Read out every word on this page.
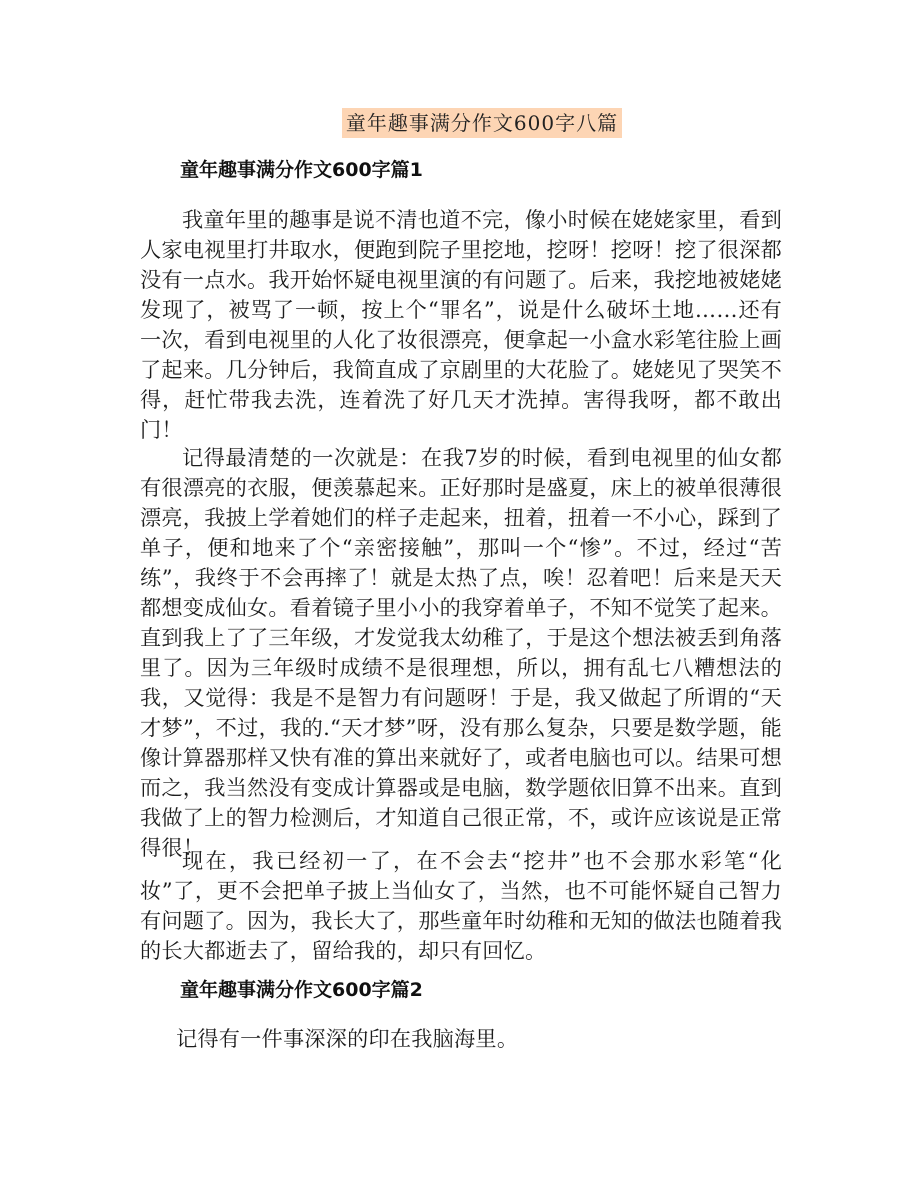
童年趣事满分作文600字八篇
童年趣事满分作文600字篇1

我童年里的趣事是说不清也道不完，像小时候在姥姥家里，看到人家电视里打井取水，便跑到院子里挖地，挖呀！挖呀！挖了很深都没有一点水。我开始怀疑电视里演的有问题了。后来，我挖地被姥姥发现了，被骂了一顿，按上个“罪名”，说是什么破坏土地……还有一次，看到电视里的人化了妆很漂亮，便拿起一小盒水彩笔往脸上画了起来。几分钟后，我简直成了京剧里的大花脸了。姥姥见了哭笑不得，赶忙带我去洗，连着洗了好几天才洗掉。害得我呀，都不敢出门！

记得最清楚的一次就是：在我7岁的时候，看到电视里的仙女都有很漂亮的衣服，便羡慕起来。正好那时是盛夏，床上的被单很薄很漂亮，我披上学着她们的样子走起来，扭着，扭着一不小心，踩到了单子，便和地来了个“亲密接触”，那叫一个“惨”。不过，经过“苦练”，我终于不会再摔了！就是太热了点，唉！忍着吧！后来是天天都想变成仙女。看着镜子里小小的我穿着单子，不知不觉笑了起来。直到我上了了三年级，才发觉我太幼稚了，于是这个想法被丢到角落里了。因为三年级时成绩不是很理想，所以，拥有乱七八糟想法的我，又觉得：我是不是智力有问题呀！于是，我又做起了所谓的“天才梦”，不过，我的.“天才梦”呀，没有那么复杂，只要是数学题，能像计算器那样又快有准的算出来就好了，或者电脑也可以。结果可想而之，我当然没有变成计算器或是电脑，数学题依旧算不出来。直到我做了上的智力检测后，才知道自己很正常，不，或许应该说是正常得很！

现在，我已经初一了，在不会去“挖井”也不会那水彩笔“化妆”了，更不会把单子披上当仙女了，当然，也不可能怀疑自己智力有问题了。因为，我长大了，那些童年时幼稚和无知的做法也随着我的长大都逝去了，留给我的，却只有回忆。

童年趣事满分作文600字篇2

记得有一件事深深的印在我脑海里。
